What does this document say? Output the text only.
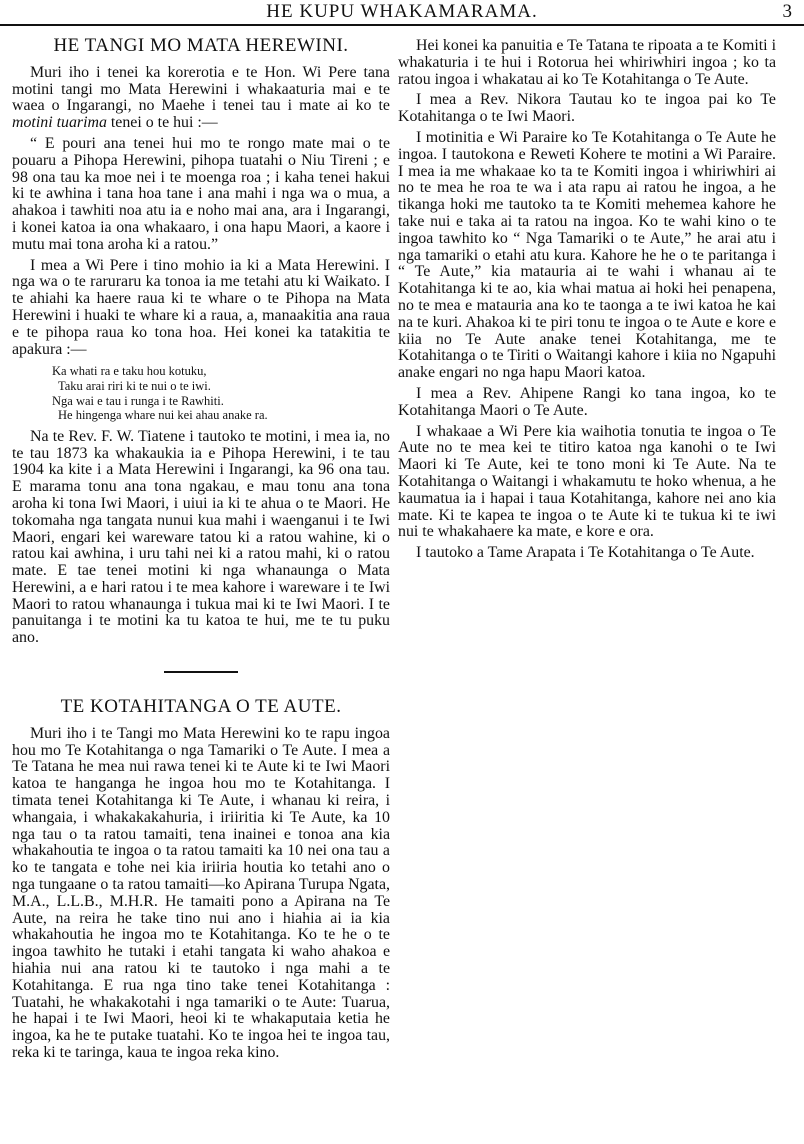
HE KUPU WHAKAMARAMA.	3
HE TANGI MO MATA HEREWINI.

Muri iho i tenei ka korerotia e te Hon. Wi Pere tana motini tangi mo Mata Herewini i whakaaturia mai e te waea o Ingarangi, no Maehe i tenei tau i mate ai ko te motini tuarima tenei o te hui :—

“ E pouri ana tenei hui mo te rongo mate mai o te pouaru a Pihopa Herewini, pihopa tuatahi o Niu Tireni ; e 98 ona tau ka moe nei i te moenga roa ; i kaha tenei hakui ki te awhina i tana hoa tane i ana mahi i nga wa o mua, a ahakoa i tawhiti noa atu ia e noho mai ana, ara i Ingarangi, i konei katoa ia ona whakaaro, i ona hapu Maori, a kaore i mutu mai tona aroha ki a ratou.”

I mea a Wi Pere i tino mohio ia ki a Mata Herewini. I nga wa o te raruraru ka tonoa ia me tetahi atu ki Waikato. I te ahiahi ka haere raua ki te whare o te Pihopa na Mata Herewini i huaki te whare ki a raua, a, manaakitia ana raua e te pihopa raua ko tona hoa. Hei konei ka tatakitia te apakura :—

Ka whati ra e taku hou kotuku,
Taku arai riri ki te nui o te iwi.
Nga wai e tau i runga i te Rawhiti.
He hingenga whare nui kei ahau anake ra.

Na te Rev. F. W. Tiatene i tautoko te motini, i mea ia, no te tau 1873 ka whakaukia ia e Pihopa Herewini, i te tau 1904 ka kite i a Mata Herewini i Ingarangi, ka 96 ona tau. E marama tonu ana tona ngakau, e mau tonu ana tona aroha ki tona Iwi Maori, i uiui ia ki te ahua o te Maori. He tokomaha nga tangata nunui kua mahi i waenganui i te Iwi Maori, engari kei wareware tatou ki a ratou wahine, ki o ratou kai awhina, i uru tahi nei ki a ratou mahi, ki o ratou mate. E tae tenei motini ki nga whanaunga o Mata Herewini, a e hari ratou i te mea kahore i wareware i te Iwi Maori to ratou whanaunga i tukua mai ki te Iwi Maori. I te panuitanga i te motini ka tu katoa te hui, me te tu puku ano.

TE KOTAHITANGA O TE AUTE.

Muri iho i te Tangi mo Mata Herewini ko te rapu ingoa hou mo Te Kotahitanga o nga Tamariki o Te Aute. I mea a Te Tatana he mea nui rawa tenei ki te Aute ki te Iwi Maori katoa te hanganga he ingoa hou mo te Kotahitanga. I timata tenei Kotahitanga ki Te Aute, i whanau ki reira, i whangaia, i whakakakahuria, i iriiritia ki Te Aute, ka 10 nga tau o ta ratou tamaiti, tena inainei e tonoa ana kia whakahoutia te ingoa o ta ratou tamaiti ka 10 nei ona tau a ko te tangata e tohe nei kia iriiria houtia ko tetahi ano o nga tungaane o ta ratou tamaiti—ko Apirana Turupa Ngata, M.A., L.L.B., M.H.R. He tamaiti pono a Apirana na Te Aute, na reira he take tino nui ano i hiahia ai ia kia whakahoutia he ingoa mo te Kotahitanga. Ko te he o te ingoa tawhito he tutaki i etahi tangata ki waho ahakoa e hiahia nui ana ratou ki te tautoko i nga mahi a te Kotahitanga. E rua nga tino take tenei Kotahitanga : Tuatahi, he whakakotahi i nga tamariki o te Aute: Tuarua, he hapai i te Iwi Maori, heoi ki te whakaputaia ketia he ingoa, ka he te putake tuatahi. Ko te ingoa hei te ingoa tau, reka ki te taringa, kaua te ingoa reka kino.

Hei konei ka panuitia e Te Tatana te ripoata a te Komiti i whakaturia i te hui i Rotorua hei whiriwhiri ingoa ; ko ta ratou ingoa i whakatau ai ko Te Kotahitanga o Te Aute.

I mea a Rev. Nikora Tautau ko te ingoa pai ko Te Kotahitanga o te Iwi Maori.

I motinitia e Wi Paraire ko Te Kotahitanga o Te Aute he ingoa. I tautokona e Reweti Kohere te motini a Wi Paraire. I mea ia me whakaae ko ta te Komiti ingoa i whiriwhiri ai no te mea he roa te wa i ata rapu ai ratou he ingoa, a he tikanga hoki me tautoko ta te Komiti mehemea kahore he take nui e taka ai ta ratou na ingoa. Ko te wahi kino o te ingoa tawhito ko “ Nga Tamariki o te Aute,” he arai atu i nga tamariki o etahi atu kura. Kahore he he o te paritanga i “ Te Aute,” kia matauria ai te wahi i whanau ai te Kotahitanga ki te ao, kia whai matua ai hoki hei penapena, no te mea e matauria ana ko te taonga a te iwi katoa he kai na te kuri. Ahakoa ki te piri tonu te ingoa o te Aute e kore e kiia no Te Aute anake tenei Kotahitanga, me te Kotahitanga o te Tiriti o Waitangi kahore i kiia no Ngapuhi anake engari no nga hapu Maori katoa.

I mea a Rev. Ahipene Rangi ko tana ingoa, ko te Kotahitanga Maori o Te Aute.

I whakaae a Wi Pere kia waihotia tonutia te ingoa o Te Aute no te mea kei te titiro katoa nga kanohi o te Iwi Maori ki Te Aute, kei te tono moni ki Te Aute. Na te Kotahitanga o Waitangi i whakamutu te hoko whenua, a he kaumatua ia i hapai i taua Kotahitanga, kahore nei ano kia mate. Ki te kapea te ingoa o te Aute ki te tukua ki te iwi nui te whakahaere ka mate, e kore e ora.

I tautoko a Tame Arapata i Te Kotahitanga o Te Aute.
